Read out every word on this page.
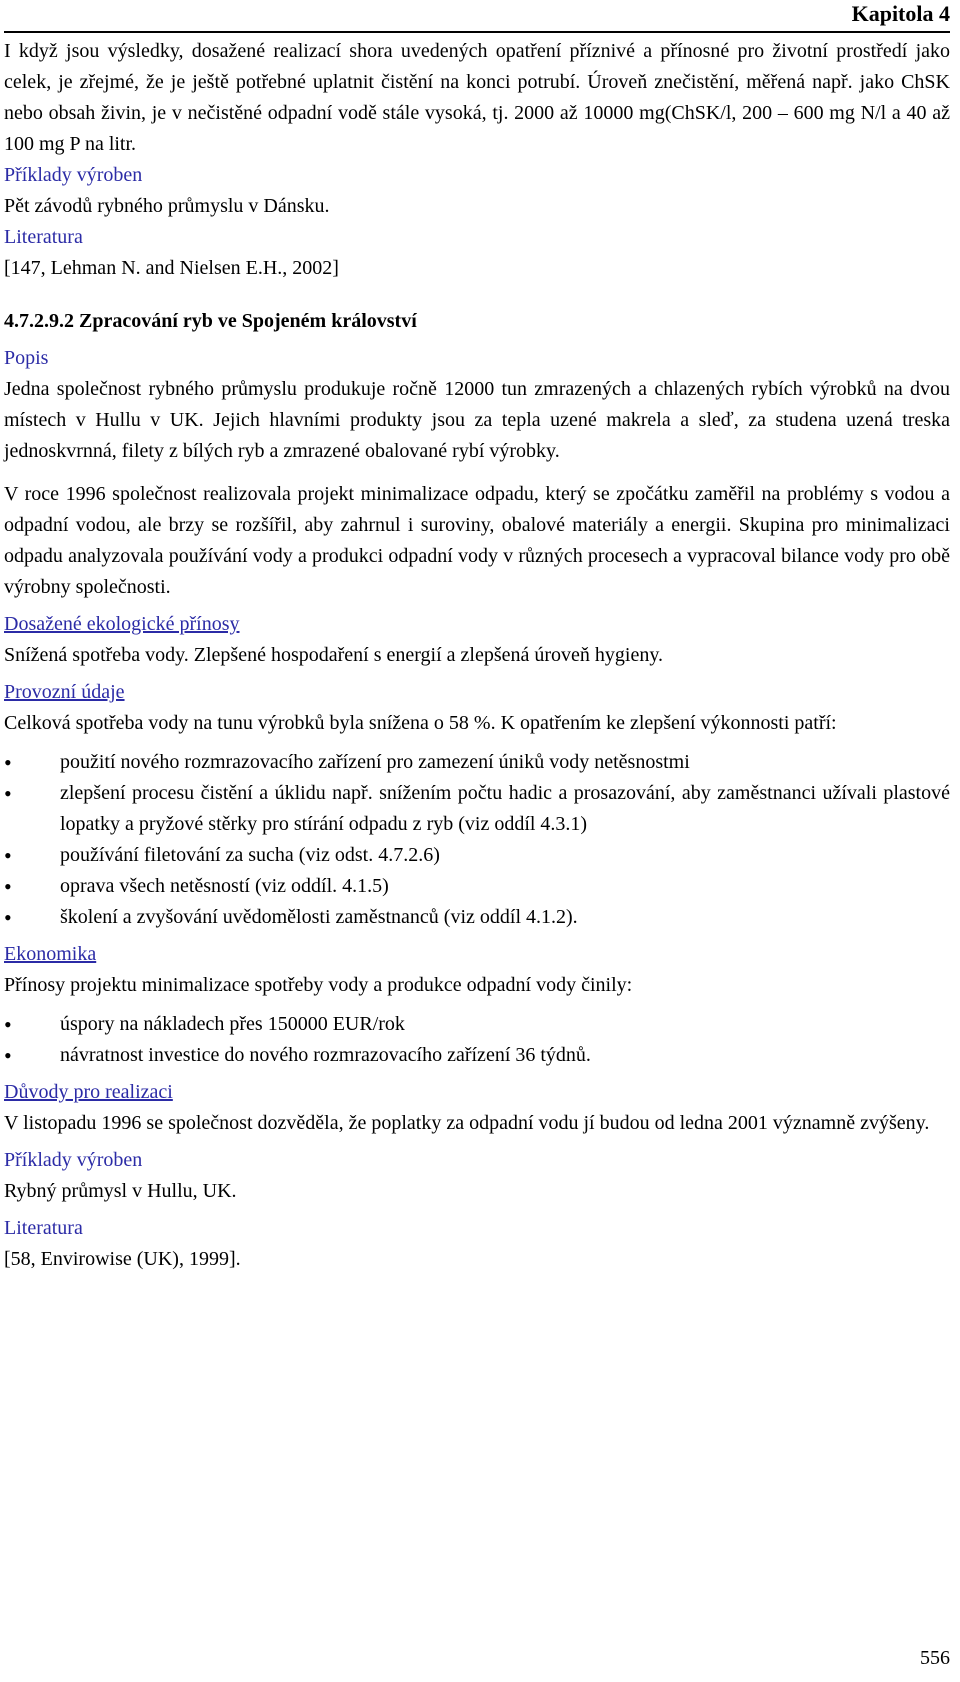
Kapitola 4

I když jsou výsledky, dosažené realizací shora uvedených opatření příznivé a přínosné pro životní prostředí jako celek, je zřejmé, že je ještě potřebné uplatnit čistění na konci potrubí. Úroveň znečistění, měřená např. jako ChSK nebo obsah živin, je v nečistěné odpadní vodě stále vysoká, tj. 2000 až 10000 mg(ChSK/l, 200 – 600 mg N/l a 40 až 100 mg P na litr.

Příklady výroben

Pět závodů rybného průmyslu v Dánsku.

Literatura

[147, Lehman N. and Nielsen E.H., 2002]

4.7.2.9.2 Zpracování ryb ve Spojeném království

Popis

Jedna společnost rybného průmyslu produkuje ročně 12000 tun zmrazených a chlazených rybích výrobků na dvou místech v Hullu v UK. Jejich hlavními produkty jsou za tepla uzené makrela a sleď, za studena uzená treska jednoskvrnná, filety z bílých ryb a zmrazené obalované rybí výrobky.

V roce 1996 společnost realizovala projekt minimalizace odpadu, který se zpočátku zaměřil na problémy s vodou a odpadní vodou, ale brzy se rozšířil, aby zahrnul i suroviny, obalové materiály a energii. Skupina pro minimalizaci odpadu analyzovala používání vody a produkci odpadní vody v různých procesech a vypracoval bilance vody pro obě výrobny společnosti.

Dosažené ekologické přínosy

Snížená spotřeba vody. Zlepšené hospodaření s energií a zlepšená úroveň hygieny.

Provozní údaje

Celková spotřeba vody na tunu výrobků byla snížena o 58 %. K opatřením ke zlepšení výkonnosti patří:

• použití nového rozmrazovacího zařízení pro zamezení úniků vody netěsnostmi
• zlepšení procesu čistění a úklidu např. snížením počtu hadic a prosazování, aby zaměstnanci užívali plastové lopatky a pryžové stěrky pro stírání odpadu z ryb (viz oddíl 4.3.1)
• používání filetování za sucha (viz odst. 4.7.2.6)
• oprava všech netěsností (viz oddíl. 4.1.5)
• školení a zvyšování uvědomělosti zaměstnanců (viz oddíl 4.1.2).
Ekonomika

Přínosy projektu minimalizace spotřeby vody a produkce odpadní vody činily:

• úspory na nákladech přes 150000 EUR/rok
• návratnost investice do nového rozmrazovacího zařízení 36 týdnů.
Důvody pro realizaci

V listopadu 1996 se společnost dozvěděla, že poplatky za odpadní vodu jí budou od ledna 2001 významně zvýšeny.

Příklady výroben

Rybný průmysl v Hullu, UK.

Literatura

[58, Envirowise (UK), 1999].

556
